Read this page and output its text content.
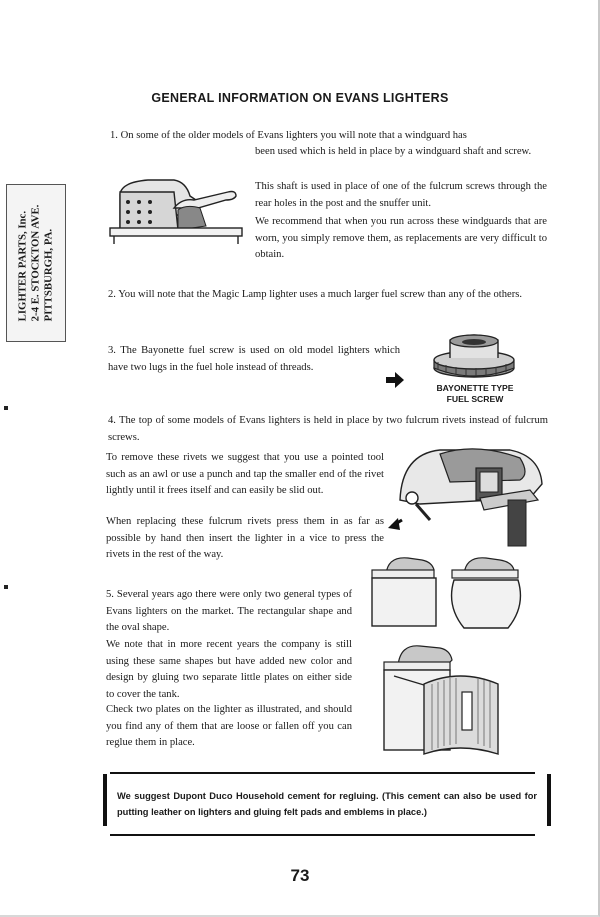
GENERAL INFORMATION ON EVANS LIGHTERS
LIGHTER PARTS, Inc. 2-4 E. STOCKTON AVE. PITTSBURGH, PA.

1. On some of the older models of Evans lighters you will note that a windguard has

been used which is held in place by a windguard shaft and screw.

This shaft is used in place of one of the fulcrum screws through the rear holes in the post and the snuffer unit.

We recommend that when you run across these windguards that are worn, you simply remove them, as replacements are very difficult to obtain.

2. You will note that the Magic Lamp lighter uses a much larger fuel screw than any of the others.

3. The Bayonette fuel screw is used on old model lighters which have two lugs in the fuel hole instead of threads.

BAYONETTE TYPE
FUEL SCREW

4. The top of some models of Evans lighters is held in place by two fulcrum rivets instead of fulcrum screws.

To remove these rivets we suggest that you use a pointed tool such as an awl or use a punch and tap the smaller end of the rivet lightly until it frees itself and can easily be slid out.

When replacing these fulcrum rivets press them in as far as possible by hand then insert the lighter in a vice to press the rivets in the rest of the way.

5. Several years ago there were only two general types of Evans lighters on the market. The rectangular shape and the oval shape.

We note that in more recent years the company is still using these same shapes but have added new color and design by gluing two separate little plates on either side to cover the tank.

Check two plates on the lighter as illustrated, and should you find any of them that are loose or fallen off you can reglue them in place.

We suggest Dupont Duco Household cement for regluing. (This cement can also be used for putting leather on lighters and gluing felt pads and emblems in place.)
73
